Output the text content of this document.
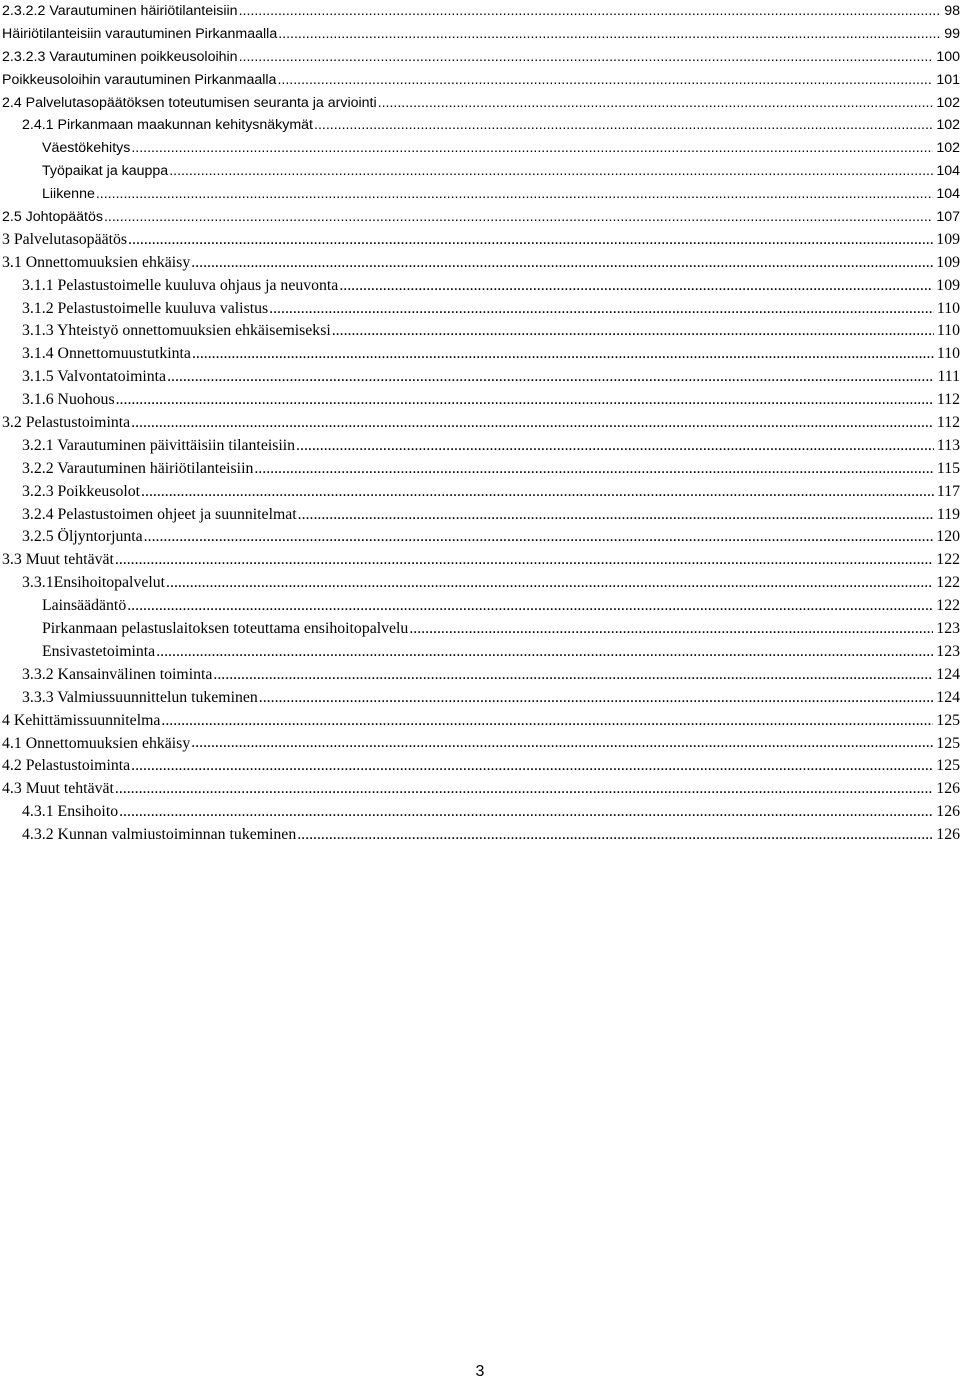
2.3.2.2 Varautuminen häiriötilanteisiin .....	98
Häiriötilanteisiin varautuminen Pirkanmaalla .....	99
2.3.2.3 Varautuminen poikkeusoloihin .....	100
Poikkeusoloihin varautuminen Pirkanmaalla .....	101
2.4 Palvelutasopäätöksen toteutumisen seuranta ja arviointi .....	102
2.4.1 Pirkanmaan maakunnan kehitysnäkymät .....	102
Väestökehitys .....	102
Työpaikat ja kauppa .....	104
Liikenne .....	104
2.5 Johtopäätös .....	107
3 Palvelutasopäätös .....	109
3.1 Onnettomuuksien ehkäisy .....	109
3.1.1 Pelastustoimelle kuuluva ohjaus ja neuvonta .....	109
3.1.2 Pelastustoimelle kuuluva valistus .....	110
3.1.3 Yhteistyö onnettomuuksien ehkäisemiseksi .....	110
3.1.4 Onnettomuustutkinta .....	110
3.1.5 Valvontatoiminta .....	111
3.1.6 Nuohous .....	112
3.2 Pelastustoiminta .....	112
3.2.1 Varautuminen päivittäisiin tilanteisiin .....	113
3.2.2 Varautuminen häiriötilanteisiin .....	115
3.2.3 Poikkeusolot .....	117
3.2.4 Pelastustoimen ohjeet ja suunnitelmat .....	119
3.2.5 Öljyntorjunta .....	120
3.3 Muut tehtävät .....	122
3.3.1Ensihoitopalvelut .....	122
Lainsäädäntö .....	122
Pirkanmaan pelastuslaitoksen toteuttama ensihoitopalvelu .....	123
Ensivastetoiminta .....	123
3.3.2 Kansainvälinen toiminta .....	124
3.3.3 Valmiussuunnittelun tukeminen .....	124
4 Kehittämissuunnitelma .....	125
4.1 Onnettomuuksien ehkäisy .....	125
4.2 Pelastustoiminta .....	125
4.3 Muut tehtävät .....	126
4.3.1 Ensihoito .....	126
4.3.2 Kunnan valmiustoiminnan tukeminen .....	126
3
